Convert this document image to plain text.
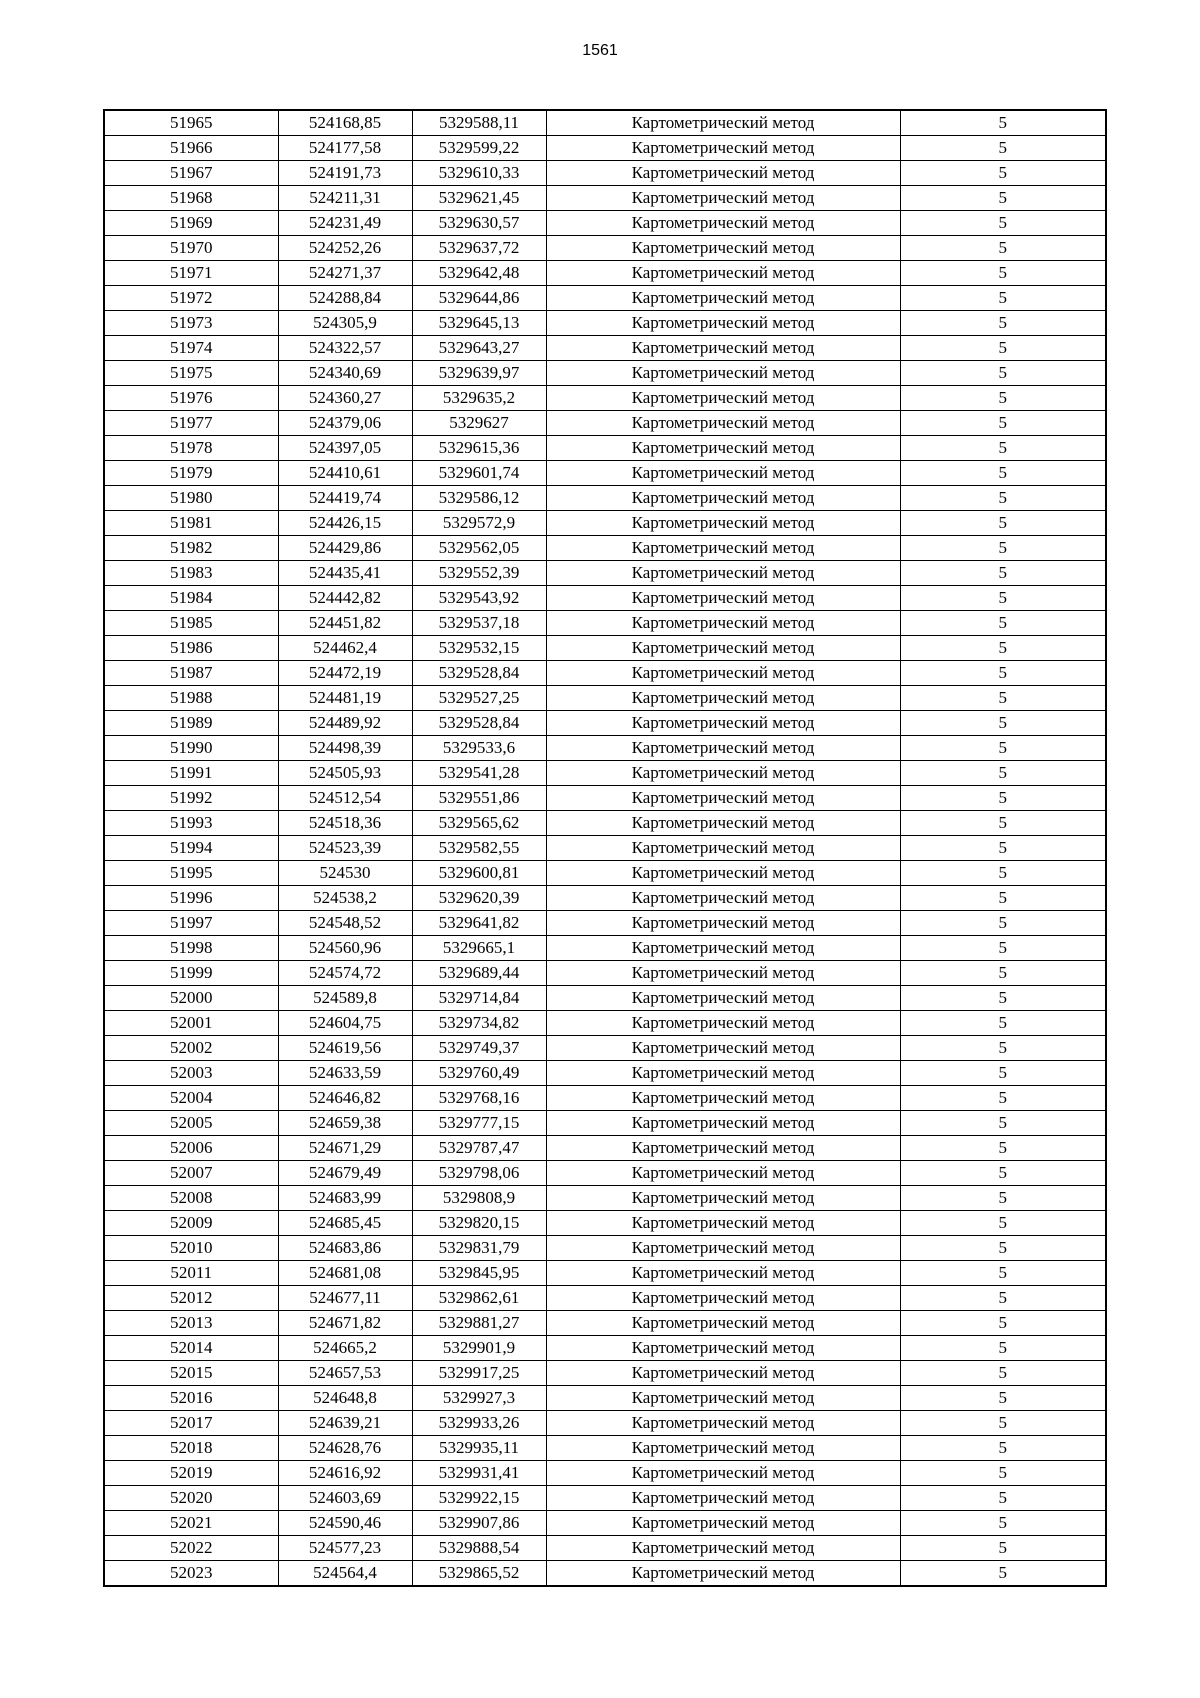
1561
51965	524168,85	5329588,11	Картометрический метод	5
51966	524177,58	5329599,22	Картометрический метод	5
51967	524191,73	5329610,33	Картометрический метод	5
51968	524211,31	5329621,45	Картометрический метод	5
51969	524231,49	5329630,57	Картометрический метод	5
51970	524252,26	5329637,72	Картометрический метод	5
51971	524271,37	5329642,48	Картометрический метод	5
51972	524288,84	5329644,86	Картометрический метод	5
51973	524305,9	5329645,13	Картометрический метод	5
51974	524322,57	5329643,27	Картометрический метод	5
51975	524340,69	5329639,97	Картометрический метод	5
51976	524360,27	5329635,2	Картометрический метод	5
51977	524379,06	5329627	Картометрический метод	5
51978	524397,05	5329615,36	Картометрический метод	5
51979	524410,61	5329601,74	Картометрический метод	5
51980	524419,74	5329586,12	Картометрический метод	5
51981	524426,15	5329572,9	Картометрический метод	5
51982	524429,86	5329562,05	Картометрический метод	5
51983	524435,41	5329552,39	Картометрический метод	5
51984	524442,82	5329543,92	Картометрический метод	5
51985	524451,82	5329537,18	Картометрический метод	5
51986	524462,4	5329532,15	Картометрический метод	5
51987	524472,19	5329528,84	Картометрический метод	5
51988	524481,19	5329527,25	Картометрический метод	5
51989	524489,92	5329528,84	Картометрический метод	5
51990	524498,39	5329533,6	Картометрический метод	5
51991	524505,93	5329541,28	Картометрический метод	5
51992	524512,54	5329551,86	Картометрический метод	5
51993	524518,36	5329565,62	Картометрический метод	5
51994	524523,39	5329582,55	Картометрический метод	5
51995	524530	5329600,81	Картометрический метод	5
51996	524538,2	5329620,39	Картометрический метод	5
51997	524548,52	5329641,82	Картометрический метод	5
51998	524560,96	5329665,1	Картометрический метод	5
51999	524574,72	5329689,44	Картометрический метод	5
52000	524589,8	5329714,84	Картометрический метод	5
52001	524604,75	5329734,82	Картометрический метод	5
52002	524619,56	5329749,37	Картометрический метод	5
52003	524633,59	5329760,49	Картометрический метод	5
52004	524646,82	5329768,16	Картометрический метод	5
52005	524659,38	5329777,15	Картометрический метод	5
52006	524671,29	5329787,47	Картометрический метод	5
52007	524679,49	5329798,06	Картометрический метод	5
52008	524683,99	5329808,9	Картометрический метод	5
52009	524685,45	5329820,15	Картометрический метод	5
52010	524683,86	5329831,79	Картометрический метод	5
52011	524681,08	5329845,95	Картометрический метод	5
52012	524677,11	5329862,61	Картометрический метод	5
52013	524671,82	5329881,27	Картометрический метод	5
52014	524665,2	5329901,9	Картометрический метод	5
52015	524657,53	5329917,25	Картометрический метод	5
52016	524648,8	5329927,3	Картометрический метод	5
52017	524639,21	5329933,26	Картометрический метод	5
52018	524628,76	5329935,11	Картометрический метод	5
52019	524616,92	5329931,41	Картометрический метод	5
52020	524603,69	5329922,15	Картометрический метод	5
52021	524590,46	5329907,86	Картометрический метод	5
52022	524577,23	5329888,54	Картометрический метод	5
52023	524564,4	5329865,52	Картометрический метод	5
